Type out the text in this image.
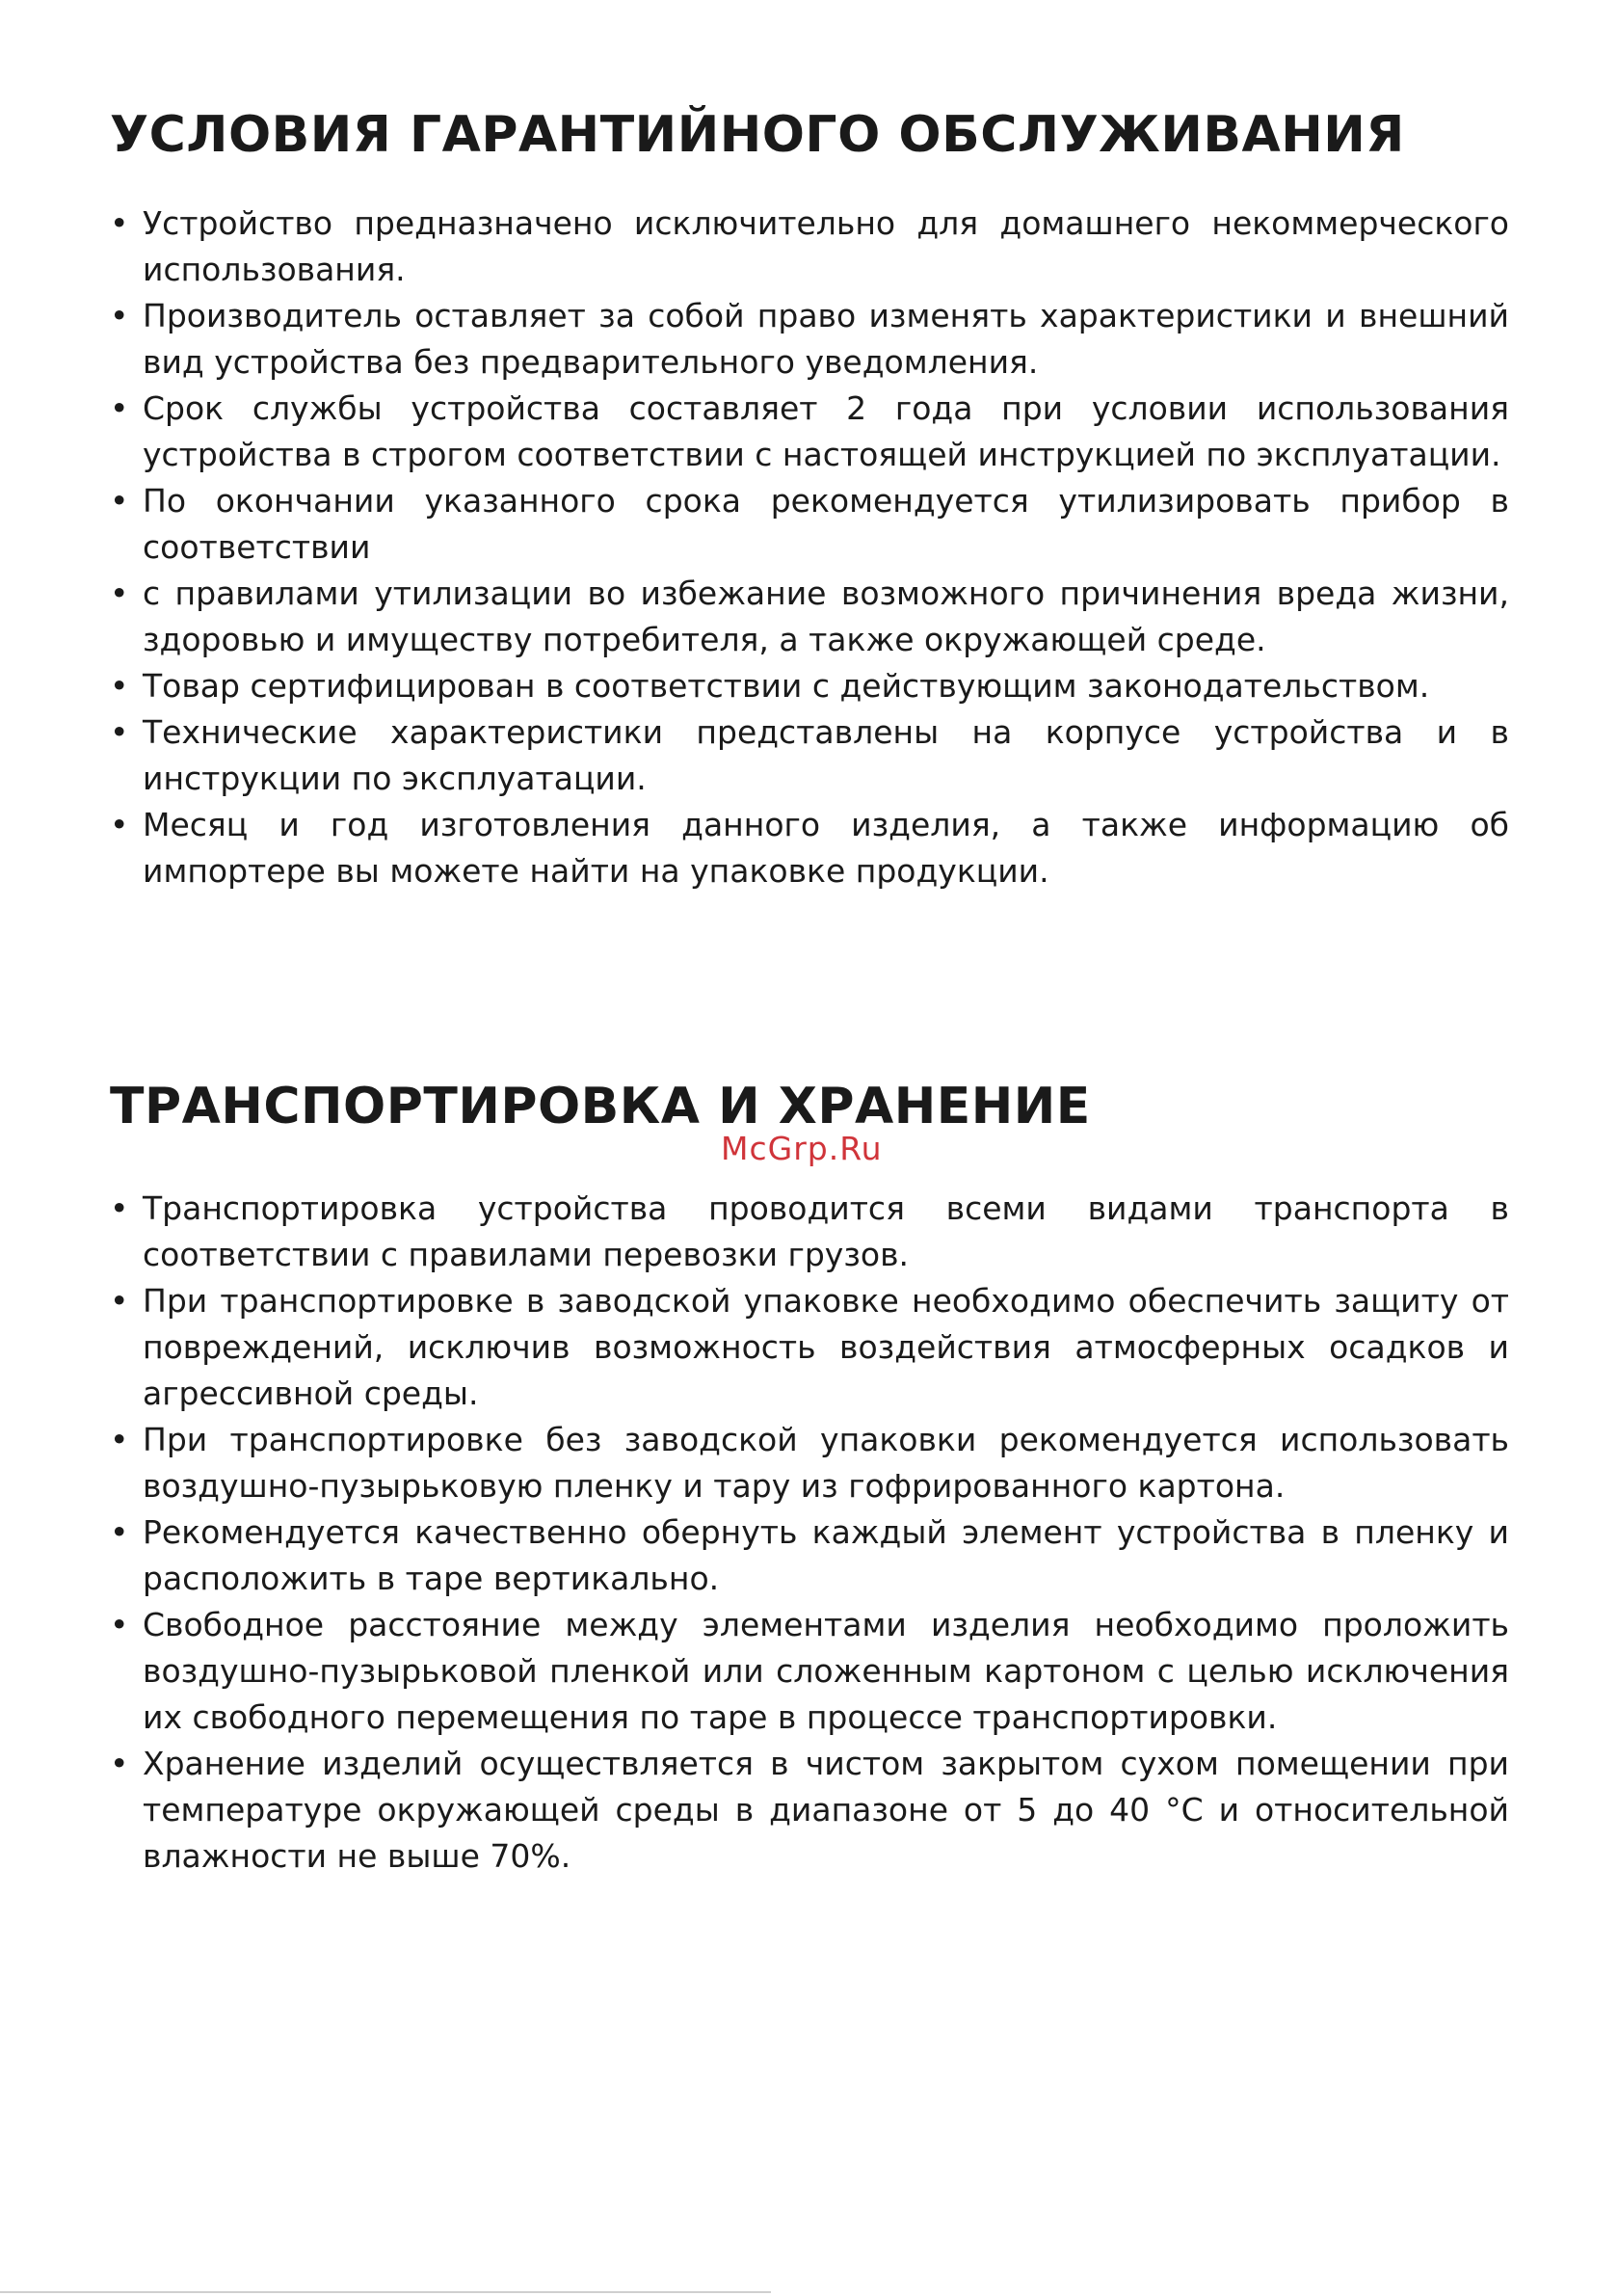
УСЛОВИЯ ГАРАНТИЙНОГО ОБСЛУЖИВАНИЯ
• Устройство предназначено исключительно для домашнего некоммерческого использования.
• Производитель оставляет за собой право изменять характеристики и внешний вид устройства без предварительного уведомления.
• Срок службы устройства составляет 2 года при условии использования устройства в строгом соответствии с настоящей инструкцией по эксплуатации.
• По окончании указанного срока рекомендуется утилизировать прибор в соответствии
• с правилами утилизации во избежание возможного причинения вреда жизни, здоровью и имуществу потребителя, а также окружающей среде.
• Товар сертифицирован в соответствии с действующим законодательством.
• Технические характеристики представлены на корпусе устройства и в инструкции по эксплуатации.
• Месяц и год изготовления данного изделия, а также информацию об импортере вы можете найти на упаковке продукции.
ТРАНСПОРТИРОВКА И ХРАНЕНИЕ
• Транспортировка устройства проводится всеми видами транспорта в соответствии с правилами перевозки грузов.
• При транспортировке в заводской упаковке необходимо обеспечить защиту от повреждений, исключив возможность воздействия атмосферных осадков и агрессивной среды.
• При транспортировке без заводской упаковки рекомендуется использовать воздушно-пузырьковую пленку и тару из гофрированного картона.
• Рекомендуется качественно обернуть каждый элемент устройства в пленку и расположить в таре вертикально.
• Свободное расстояние между элементами изделия необходимо проложить воздушно-пузырьковой пленкой или сложенным картоном с целью исключения их свободного перемещения по таре в процессе транспортировки.
• Хранение изделий осуществляется в чистом закрытом сухом помещении при температуре окружающей среды в диапазоне от 5 до 40 °С и относительной влажности не выше 70%.
McGrp.Ru
